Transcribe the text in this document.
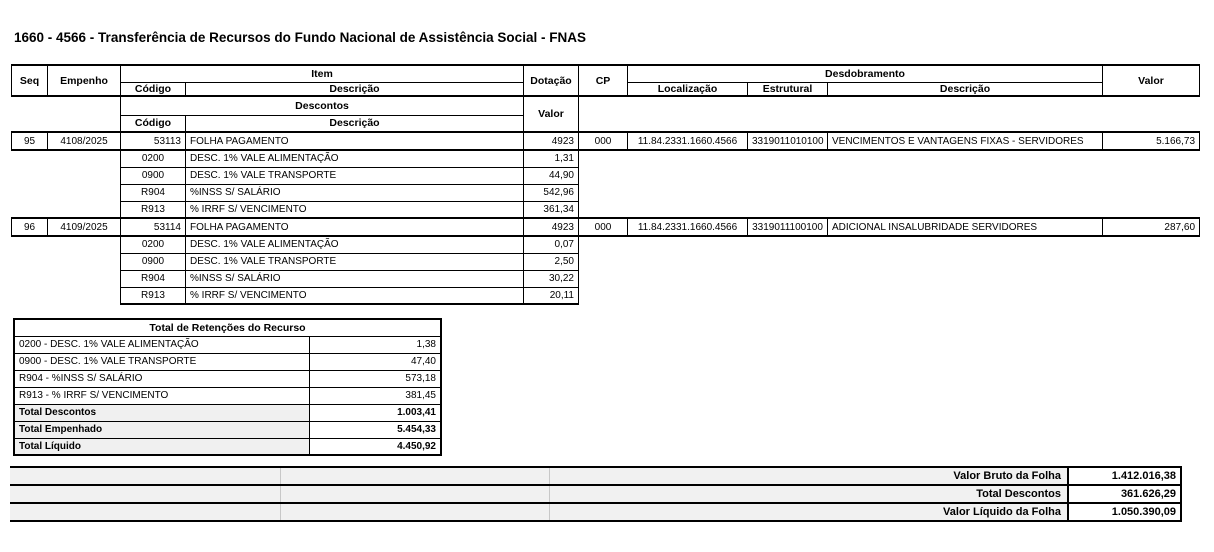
1660 - 4566 - Transferência de Recursos do Fundo Nacional de Assistência Social - FNAS
Seq	Empenho	Item		Dotação	CP	Desdobramento			Valor
		Código	Descrição			Localização	Estrutural	Descrição	
		Descontos		Valor					
		Código	Descrição						
95	4108/2025	53113	FOLHA PAGAMENTO	4923	000	11.84.2331.1660.4566	3319011010100	VENCIMENTOS E VANTAGENS FIXAS - SERVIDORES	5.166,73
		0200	DESC. 1% VALE ALIMENTAÇÃO	1,31					
		0900	DESC. 1% VALE TRANSPORTE	44,90					
		R904	%INSS S/ SALÁRIO	542,96					
		R913	% IRRF S/ VENCIMENTO	361,34					
96	4109/2025	53114	FOLHA PAGAMENTO	4923	000	11.84.2331.1660.4566	3319011100100	ADICIONAL INSALUBRIDADE SERVIDORES	287,60
		0200	DESC. 1% VALE ALIMENTAÇÃO	0,07					
		0900	DESC. 1% VALE TRANSPORTE	2,50					
		R904	%INSS S/ SALÁRIO	30,22					
		R913	% IRRF S/ VENCIMENTO	20,11					
Total de Retenções do Recurso	
0200 - DESC. 1% VALE ALIMENTAÇÃO	1,38
0900 - DESC. 1% VALE TRANSPORTE	47,40
R904 - %INSS S/ SALÁRIO	573,18
R913 - % IRRF S/ VENCIMENTO	381,45
Total Descontos	1.003,41
Total Empenhado	5.454,33
Total Líquido	4.450,92
		Valor Bruto da Folha	1.412.016,38
		Total Descontos	361.626,29
		Valor Líquido da Folha	1.050.390,09
